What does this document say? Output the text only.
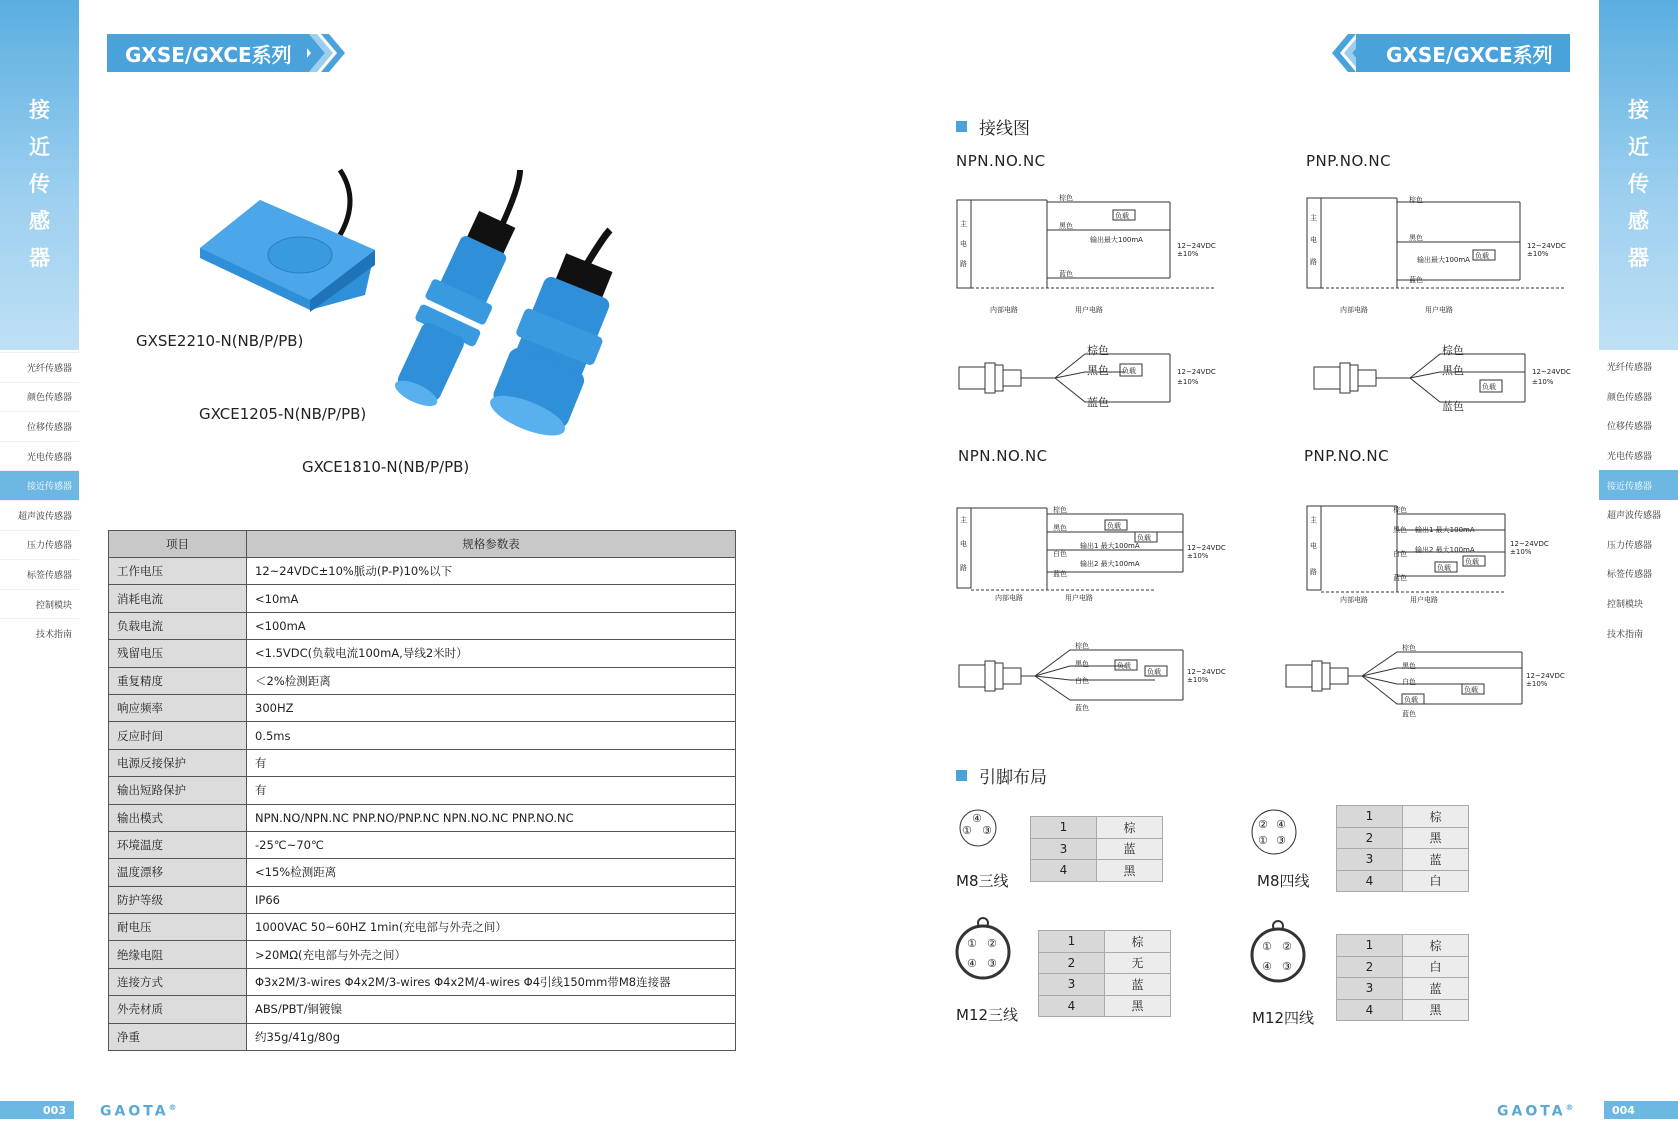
接
近
传
感
器
接
近
传
感
器
光纤传感器
颜色传感器
位移传感器
光电传感器
接近传感器
超声波传感器
压力传感器
标签传感器
控制模块
技术指南
光纤传感器
颜色传感器
位移传感器
光电传感器
接近传感器
超声波传感器
压力传感器
标签传感器
控制模块
技术指南
GXSE/GXCE系列	GXSE/GXCE系列
GXSE2210-N(NB/P/PB)
GXCE1205-N(NB/P/PB)
GXCE1810-N(NB/P/PB)
项目	规格参数表
工作电压	12~24VDC±10%脈动(P-P)10%以下
消耗电流	<10mA
负载电流	<100mA
残留电压	<1.5VDC(负载电流100mA,导线2米时）
重复精度	＜2%检测距离
响应频率	300HZ
反应时间	0.5ms
电源反接保护	有
输出短路保护	有
输出模式	NPN.NO/NPN.NC PNP.NO/PNP.NC NPN.NO.NC PNP.NO.NC
环境温度	-25℃~70℃
温度漂移	<15%检测距离
防护等级	IP66
耐电压	1000VAC 50~60HZ 1min(充电部与外壳之间）
绝缘电阻	>20MΩ(充电部与外壳之间）
连接方式	Φ3x2M/3-wires Φ4x2M/3-wires Φ4x2M/4-wires Φ4引线150mm带M8连接器
外壳材质	ABS/PBT/铜镀镍
净重	约35g/41g/80g
接线图
NPN.NO.NC	PNP.NO.NC
NPN.NO.NC	PNP.NO.NC
主
电
路
棕色
黑色
蓝色
负载
输出最大100mA
12~24VDC
±10%
内部电路	用户电路
主
电
路
棕色
黑色
蓝色
负载
输出最大100mA
12~24VDC
±10%
内部电路	用户电路
棕色
黑色
蓝色
负载	12~24VDC
±10%
棕色
黑色
蓝色
负载
12~24VDC
±10%
主
电
路
棕色
黑色
白色
蓝色
负载
负载
输出1 最大100mA
输出2 最大100mA
12~24VDC
±10%
内部电路	用户电路
主
电
路
棕色
黑色
白色
蓝色
输出1 最大100mA
输出2 最大100mA
负载
负载
12~24VDC
±10%
内部电路	用户电路
棕色
黑色
白色
蓝色
负载
负载	12~24VDC
±10%
棕色
黑色
白色
蓝色
负载
负载
12~24VDC
±10%
引脚布局
④
① ③
M8三线
1	棕
3	蓝
4	黑
② ④
① ③
M8四线
1	棕
2	黑
3	蓝
4	白
① ②
④ ③
M12三线
1	棕
2	无
3	蓝
4	黑
① ②
④ ③
M12四线
1	棕
2	白
3	蓝
4	黑
003	GAOTA®	GAOTA®	004
